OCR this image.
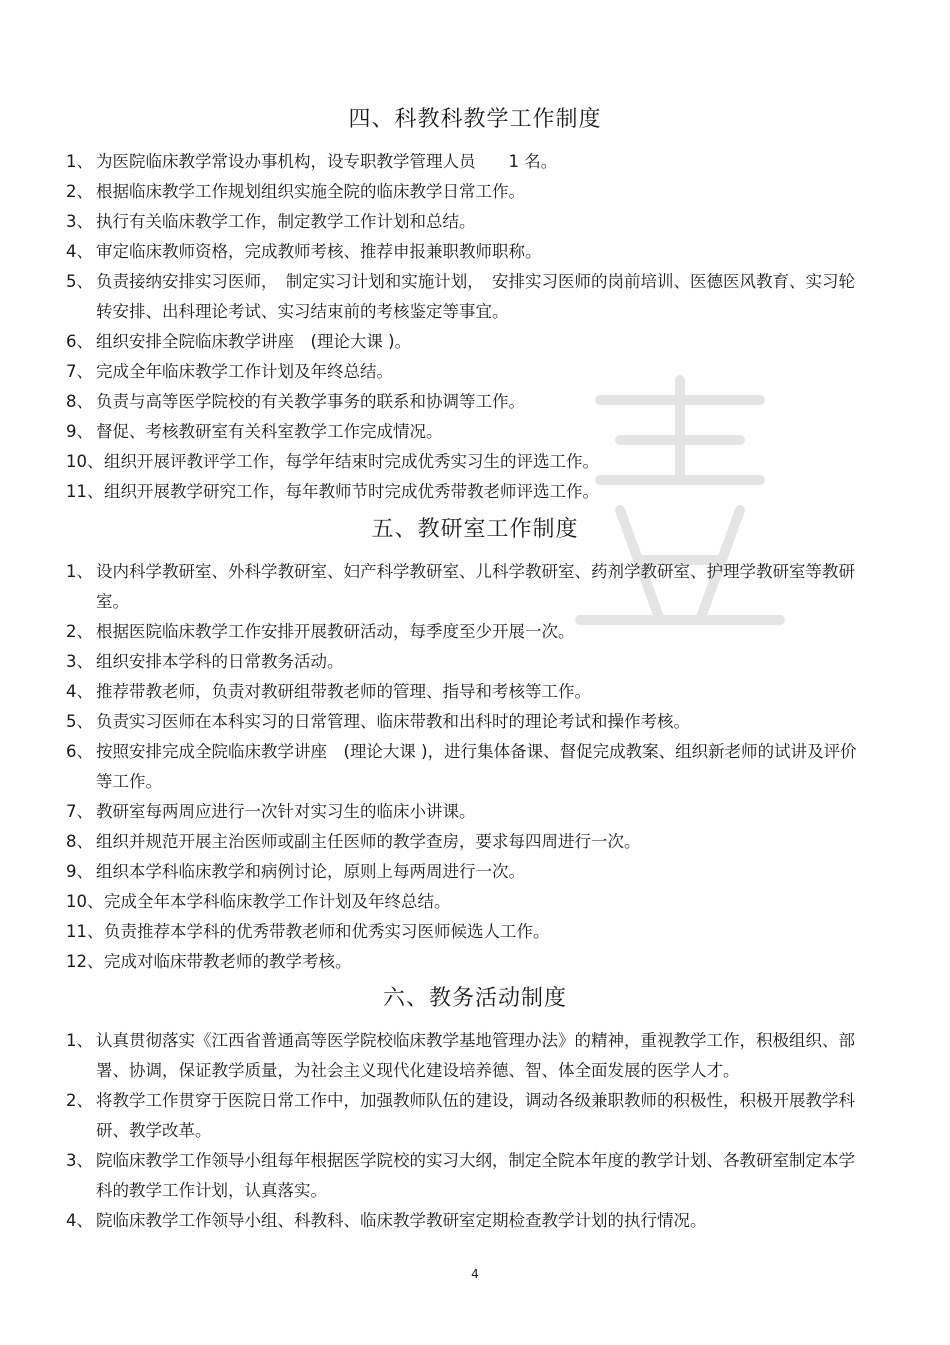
四、科教科教学工作制度
1、 为医院临床教学常设办事机构，设专职教学管理人员　　1 名。
2、 根据临床教学工作规划组织实施全院的临床教学日常工作。
3、 执行有关临床教学工作，制定教学工作计划和总结。
4、 审定临床教师资格，完成教师考核、推荐申报兼职教师职称。
5、 负责接纳安排实习医师，　制定实习计划和实施计划，　安排实习医师的岗前培训、医德医风教育、实习轮转安排、出科理论考试、实习结束前的考核鉴定等事宜。
6、 组织安排全院临床教学讲座　(理论大课 )。
7、 完成全年临床教学工作计划及年终总结。
8、 负责与高等医学院校的有关教学事务的联系和协调等工作。
9、 督促、考核教研室有关科室教学工作完成情况。
10、 组织开展评教评学工作，每学年结束时完成优秀实习生的评选工作。
11、 组织开展教学研究工作，每年教师节时完成优秀带教老师评选工作。
五、教研室工作制度
1、 设内科学教研室、外科学教研室、妇产科学教研室、儿科学教研室、药剂学教研室、护理学教研室等教研室。
2、 根据医院临床教学工作安排开展教研活动，每季度至少开展一次。
3、 组织安排本学科的日常教务活动。
4、 推荐带教老师，负责对教研组带教老师的管理、指导和考核等工作。
5、 负责实习医师在本科实习的日常管理、临床带教和出科时的理论考试和操作考核。
6、 按照安排完成全院临床教学讲座　(理论大课 )，进行集体备课、督促完成教案、组织新老师的试讲及评价等工作。
7、 教研室每两周应进行一次针对实习生的临床小讲课。
8、 组织并规范开展主治医师或副主任医师的教学查房，要求每四周进行一次。
9、 组织本学科临床教学和病例讨论，原则上每两周进行一次。
10、 完成全年本学科临床教学工作计划及年终总结。
11、 负责推荐本学科的优秀带教老师和优秀实习医师候选人工作。
12、 完成对临床带教老师的教学考核。
六、教务活动制度
1、 认真贯彻落实《江西省普通高等医学院校临床教学基地管理办法》的精神，重视教学工作，积极组织、部署、协调，保证教学质量，为社会主义现代化建设培养德、智、体全面发展的医学人才。
2、 将教学工作贯穿于医院日常工作中，加强教师队伍的建设，调动各级兼职教师的积极性，积极开展教学科研、教学改革。
3、 院临床教学工作领导小组每年根据医学院校的实习大纲，制定全院本年度的教学计划、各教研室制定本学科的教学工作计划，认真落实。
4、 院临床教学工作领导小组、科教科、临床教学教研室定期检查教学计划的执行情况。
4
